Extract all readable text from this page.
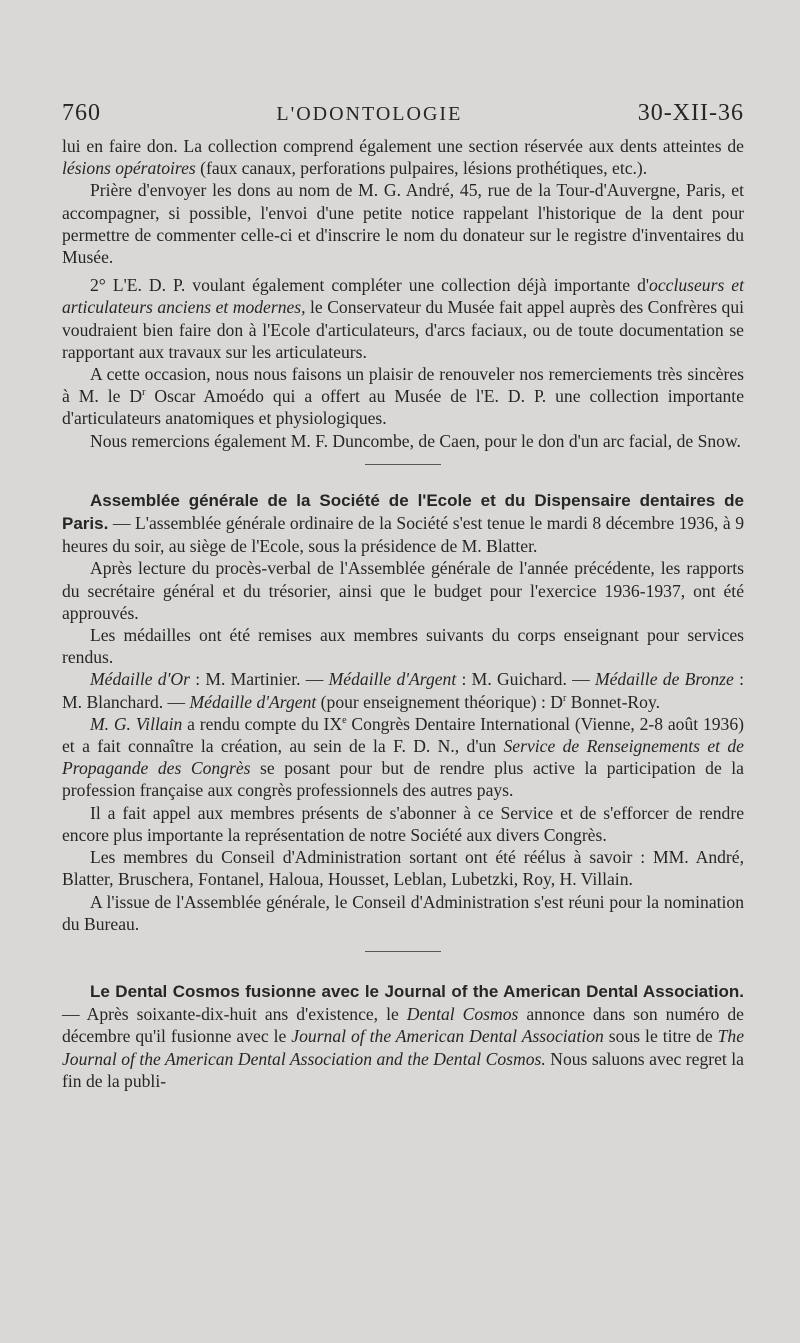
760	L'ODONTOLOGIE	30-XII-36

lui en faire don. La collection comprend également une section réservée aux dents atteintes de lésions opératoires (faux canaux, perforations pulpaires, lésions prothétiques, etc.).

Prière d'envoyer les dons au nom de M. G. André, 45, rue de la Tour-d'Auvergne, Paris, et accompagner, si possible, l'envoi d'une petite notice rappelant l'historique de la dent pour permettre de commenter celle-ci et d'inscrire le nom du donateur sur le registre d'inventaires du Musée.

2° L'E. D. P. voulant également compléter une collection déjà importante d'occluseurs et articulateurs anciens et modernes, le Conservateur du Musée fait appel auprès des Confrères qui voudraient bien faire don à l'Ecole d'articulateurs, d'arcs faciaux, ou de toute documentation se rapportant aux travaux sur les articulateurs.

A cette occasion, nous nous faisons un plaisir de renouveler nos remerciements très sincères à M. le $D^r$ Oscar Amoédo qui a offert au Musée de l'E. D. P. une collection importante d'articulateurs anatomiques et physiologiques.

Nous remercions également M. F. Duncombe, de Caen, pour le don d'un arc facial, de Snow.

Assemblée générale de la Société de l'Ecole et du Dispensaire dentaires de Paris. — L'assemblée générale ordinaire de la Société s'est tenue le mardi 8 décembre 1936, à 9 heures du soir, au siège de l'Ecole, sous la présidence de M. Blatter.

Après lecture du procès-verbal de l'Assemblée générale de l'année précédente, les rapports du secrétaire général et du trésorier, ainsi que le budget pour l'exercice 1936-1937, ont été approuvés.

Les médailles ont été remises aux membres suivants du corps enseignant pour services rendus.

Médaille d'Or : M. Martinier. — Médaille d'Argent : M. Guichard. — Médaille de Bronze : M. Blanchard. — Médaille d'Argent (pour enseignement théorique) : $D^r$ Bonnet-Roy.

M. G. Villain a rendu compte du IXe Congrès Dentaire International (Vienne, 2-8 août 1936) et a fait connaître la création, au sein de la F. D. N., d'un Service de Renseignements et de Propagande des Congrès se posant pour but de rendre plus active la participation de la profession française aux congrès professionnels des autres pays.

Il a fait appel aux membres présents de s'abonner à ce Service et de s'efforcer de rendre encore plus importante la représentation de notre Société aux divers Congrès.

Les membres du Conseil d'Administration sortant ont été réélus à savoir : MM. André, Blatter, Bruschera, Fontanel, Haloua, Housset, Leblan, Lubetzki, Roy, H. Villain.

A l'issue de l'Assemblée générale, le Conseil d'Administration s'est réuni pour la nomination du Bureau.

Le Dental Cosmos fusionne avec le Journal of the American Dental Association. — Après soixante-dix-huit ans d'existence, le Dental Cosmos annonce dans son numéro de décembre qu'il fusionne avec le Journal of the American Dental Association sous le titre de The Journal of the American Dental Association and the Dental Cosmos. Nous saluons avec regret la fin de la publi-
